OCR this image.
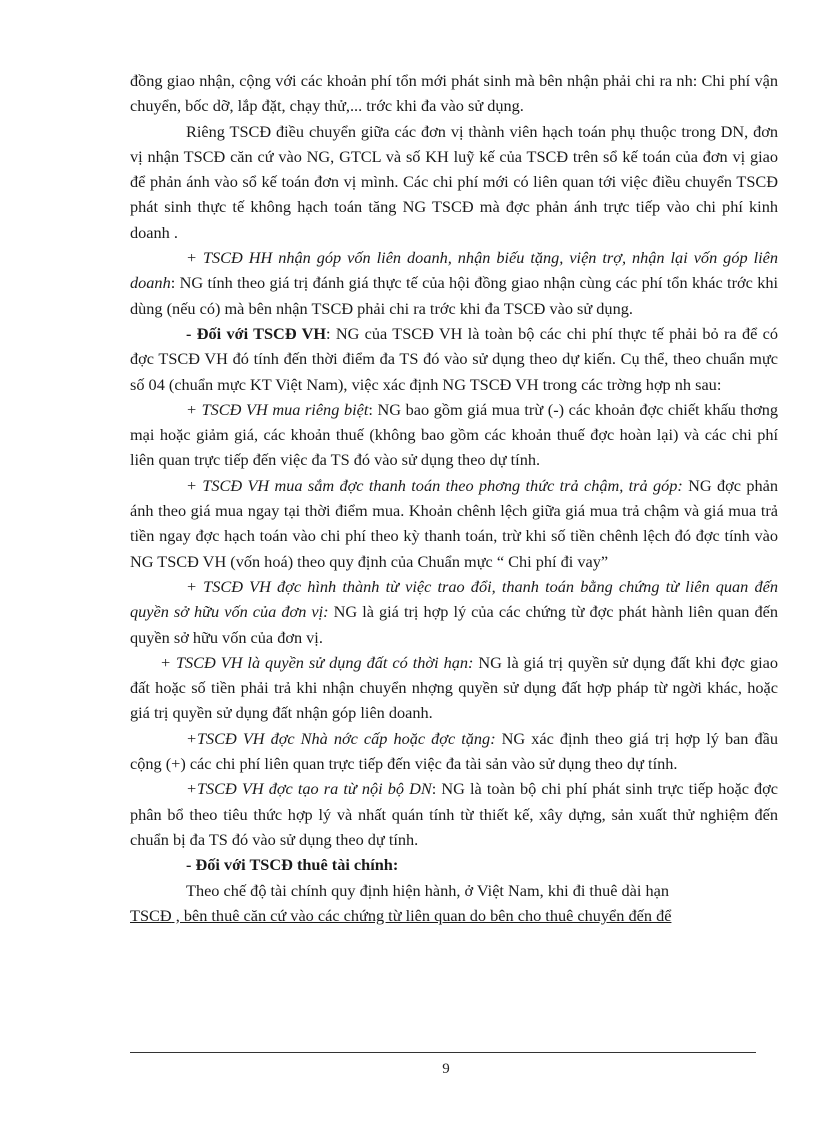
đồng giao nhận, cộng với các khoản phí tổn mới phát sinh mà bên nhận phải chi ra nh: Chi phí vận chuyển, bốc dỡ, lắp đặt, chạy thử,... trớc khi đa vào sử dụng.

Riêng TSCĐ điều chuyển giữa các đơn vị thành viên hạch toán phụ thuộc trong DN, đơn vị nhận TSCĐ căn cứ vào NG, GTCL và số KH luỹ kế của TSCĐ trên sổ kế toán của đơn vị giao để phản ánh vào sổ kế toán đơn vị mình. Các chi phí mới có liên quan tới việc điều chuyển TSCĐ phát sinh thực tế không hạch toán tăng NG TSCĐ mà đợc phản ánh trực tiếp vào chi phí kinh doanh .

+ TSCĐ HH nhận góp vốn liên doanh, nhận biếu tặng, viện trợ, nhận lại vốn góp liên doanh: NG tính theo giá trị đánh giá thực tế của hội đồng giao nhận cùng các phí tổn khác trớc khi dùng (nếu có) mà bên nhận TSCĐ phải chi ra trớc khi đa TSCĐ vào sử dụng.

- Đối với TSCĐ VH: NG của TSCĐ VH là toàn bộ các chi phí thực tế phải bỏ ra để có đợc TSCĐ VH đó tính đến thời điểm đa TS đó vào sử dụng theo dự kiến. Cụ thể, theo chuẩn mực số 04 (chuẩn mực KT Việt Nam), việc xác định NG TSCĐ VH trong các trờng hợp nh sau:

+ TSCĐ VH mua riêng biệt: NG bao gồm giá mua trừ (-) các khoản đợc chiết khấu thơng mại hoặc giảm giá, các khoản thuế (không bao gồm các khoản thuế đợc hoàn lại) và các chi phí liên quan trực tiếp đến việc đa TS đó vào sử dụng theo dự tính.

+ TSCĐ VH mua sắm đợc thanh toán theo phơng thức trả chậm, trả góp: NG đợc phản ánh theo giá mua ngay tại thời điểm mua. Khoản chênh lệch giữa giá mua trả chậm và giá mua trả tiền ngay đợc hạch toán vào chi phí theo kỳ thanh toán, trừ khi số tiền chênh lệch đó đợc tính vào NG TSCĐ VH (vốn hoá) theo quy định của Chuẩn mực “ Chi phí đi vay”

+ TSCĐ VH đợc hình thành từ việc trao đổi, thanh toán bằng chứng từ liên quan đến quyền sở hữu vốn của đơn vị: NG là giá trị hợp lý của các chứng từ đợc phát hành liên quan đến quyền sở hữu vốn của đơn vị.

+ TSCĐ VH là quyền sử dụng đất có thời hạn: NG là giá trị quyền sử dụng đất khi đợc giao đất hoặc số tiền phải trả khi nhận chuyển nhợng quyền sử dụng đất hợp pháp từ ngời khác, hoặc giá trị quyền sử dụng đất nhận góp liên doanh.

+TSCĐ VH đợc Nhà nớc cấp hoặc đợc tặng: NG xác định theo giá trị hợp lý ban đầu cộng (+) các chi phí liên quan trực tiếp đến việc đa tài sản vào sử dụng theo dự tính.

+TSCĐ VH đợc tạo ra từ nội bộ DN: NG là toàn bộ chi phí phát sinh trực tiếp hoặc đợc phân bổ theo tiêu thức hợp lý và nhất quán tính từ thiết kế, xây dựng, sản xuất thử nghiệm đến chuẩn bị đa TS đó vào sử dụng theo dự tính.

- Đối với TSCĐ thuê tài chính:

Theo chế độ tài chính quy định hiện hành, ở Việt Nam, khi đi thuê dài hạn

TSCĐ , bên thuê căn cứ vào các chứng từ liên quan do bên cho thuê chuyển đến để

9
